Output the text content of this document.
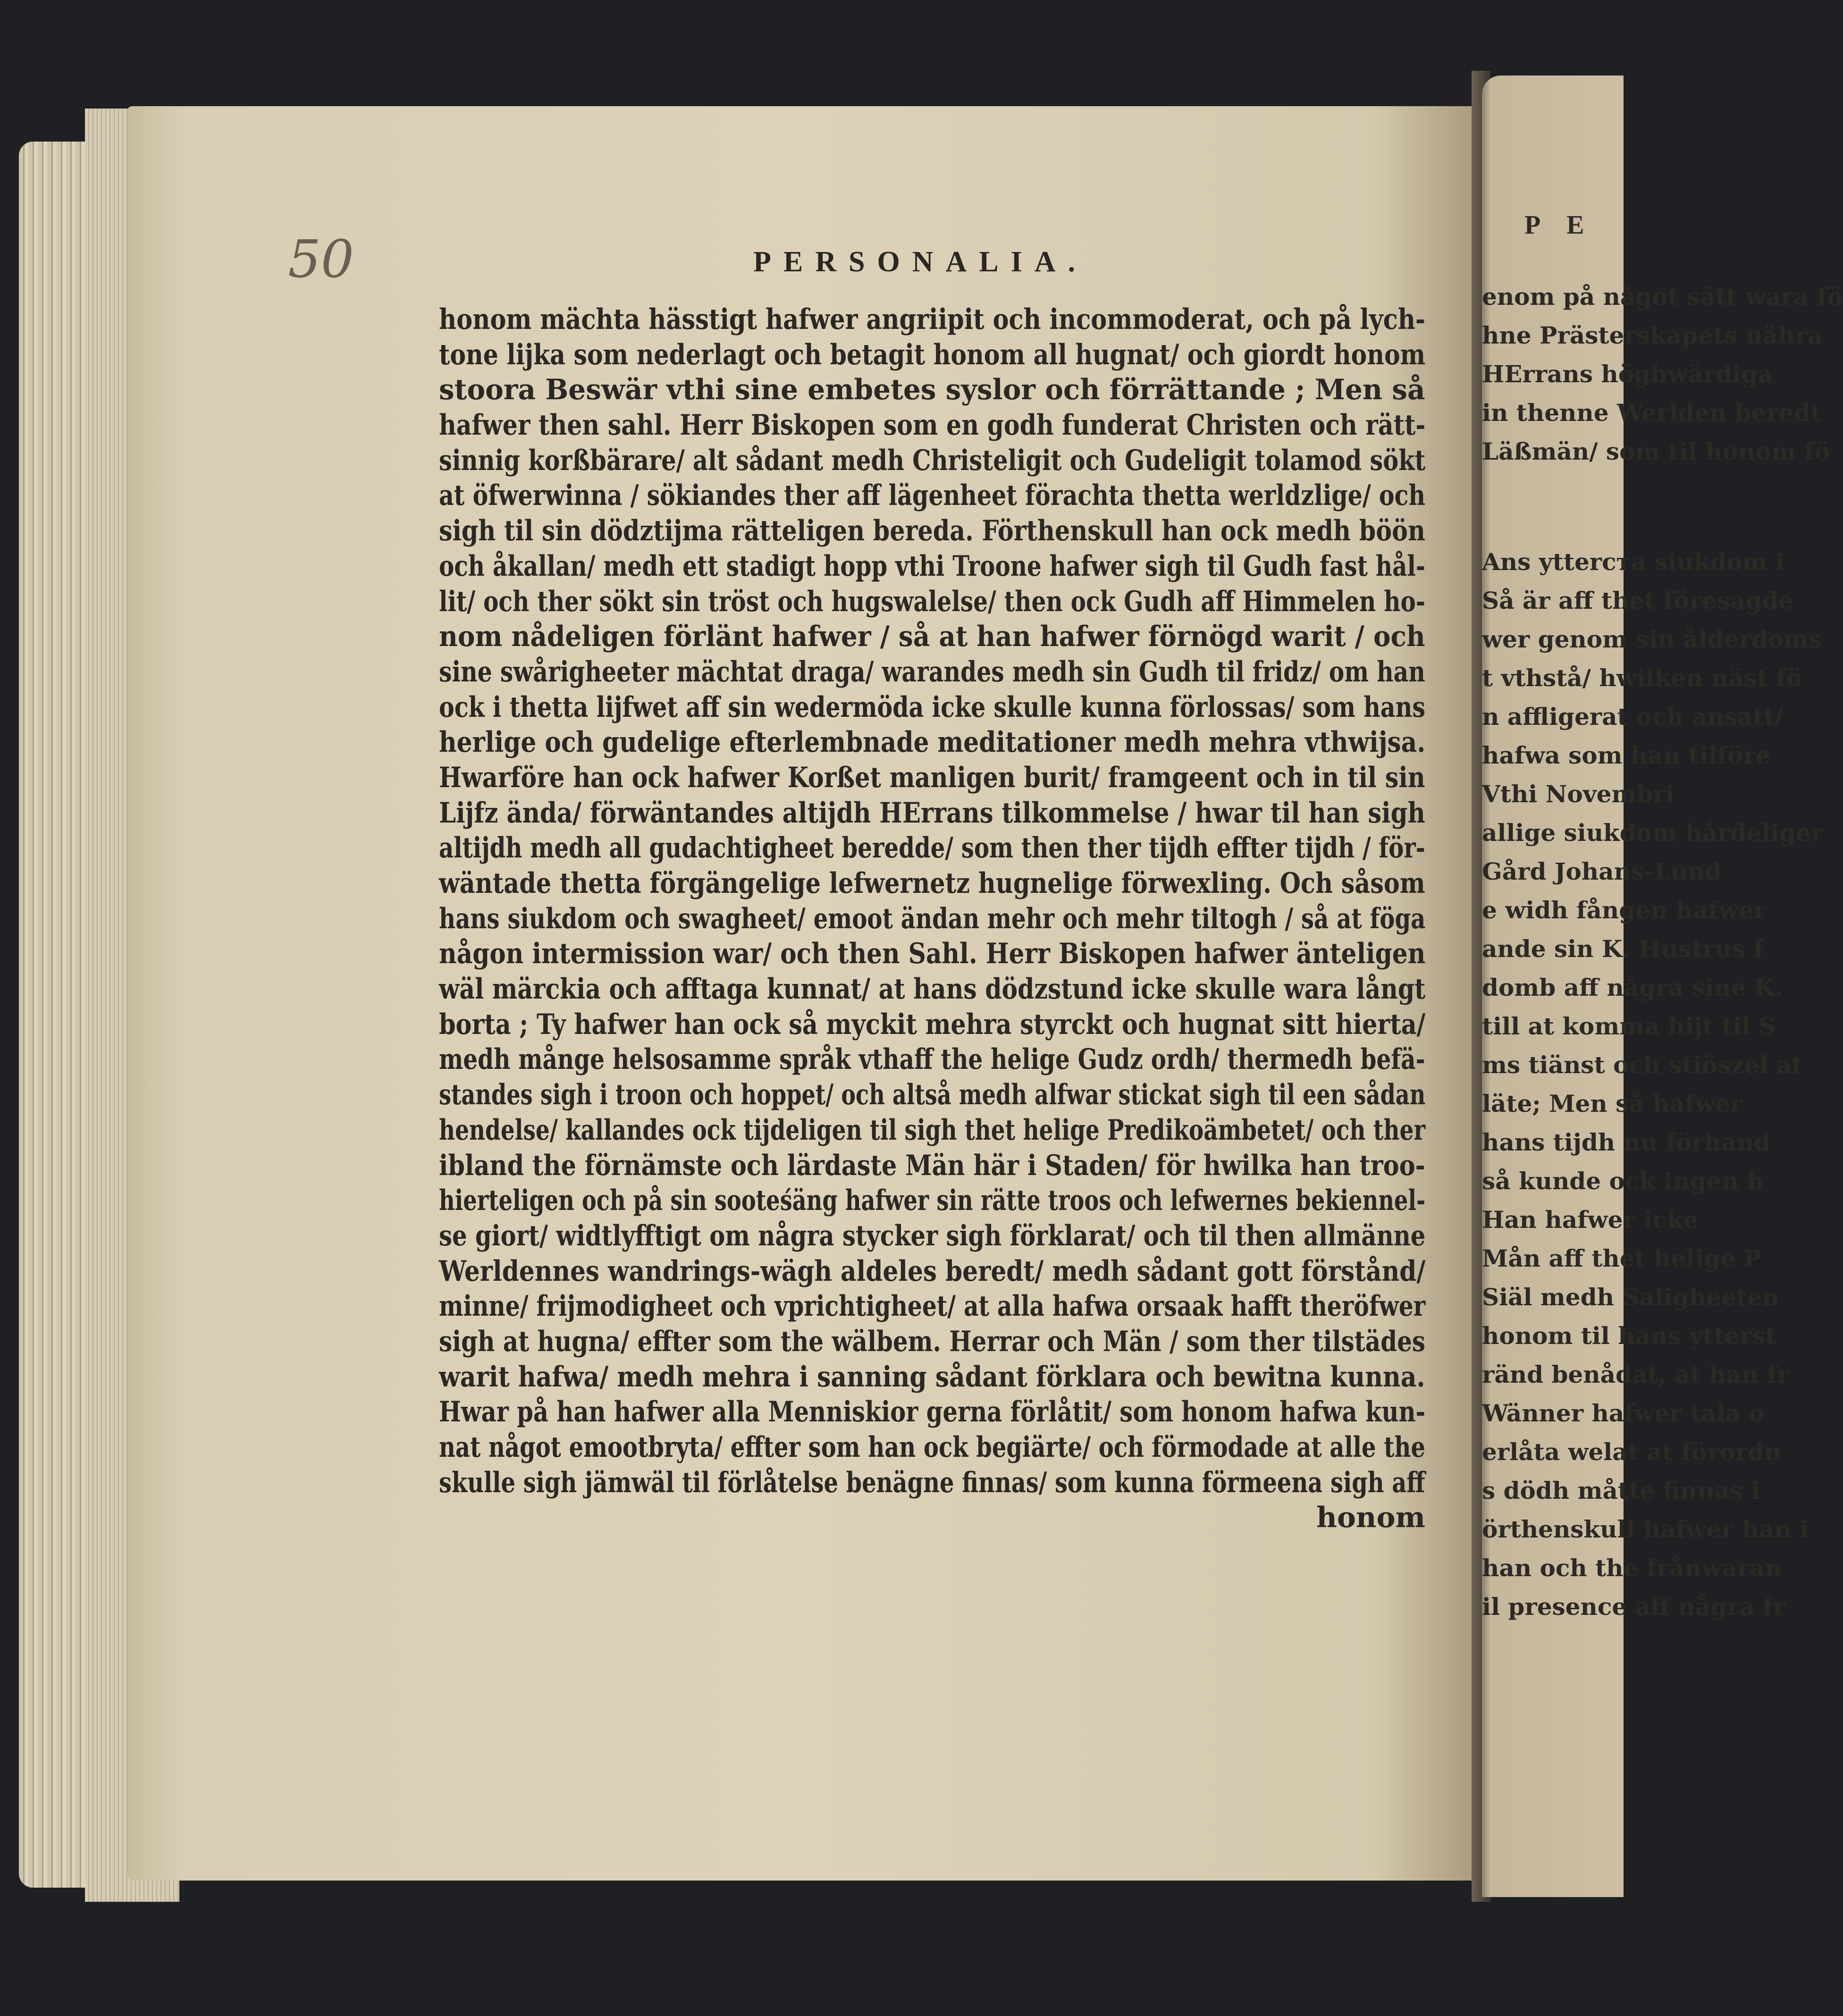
P E
enom på något sätt wara fö
hne Prästerskapets nähra
HErrans höghwärdiga
in thenne Werlden beredt
Läßmän/ som til honom fö
Ans ytterста siukdom i
Så är aff thet föresagde
wer genom sin ålderdoms
t vthstå/ hwilken näst fö
n affligerat och ansatt/
hafwa som han tilföre
Vthi Novembri
allige siukdom hårdeliger
Gård Johans-Lund
e widh fången hafwer
ande sin K. Hustrus f
domb aff några sine K.
till at komma hijt til S
ms tiänst och stiöszel at
läte; Men så hafwer
hans tijdh nu förhand
så kunde ock ingen h
Han hafwer icke
Mån aff thet helige P
Siäl medh Saligheeten
honom til hans ytterst
ränd benådat, at han fr
Wänner hafwer tala o
erlåta welat at förordn
s dödh måtte finnas i
örthenskull hafwer han i
han och the frånwaran
il presence aff några fr
50	PERSONALIA.
honom mächta hässtigt hafwer angriipit och incommoderat, och på lych-
tone lijka som nederlagt och betagit honom all hugnat/ och giordt honom
stoora Beswär vthi sine embetes syslor och förrättande ; Men så
hafwer then sahl. Herr Biskopen som en godh funderat Christen och rätt-
sinnig korßbärare/ alt sådant medh Christeligit och Gudeligit tolamod sökt
at öfwerwinna / sökiandes ther aff lägenheet förachta thetta werldzlige/ och
sigh til sin dödztijma rätteligen bereda. Förthenskull han ock medh böön
och åkallan/ medh ett stadigt hopp vthi Troone hafwer sigh til Gudh fast hål-
lit/ och ther sökt sin tröst och hugswalelse/ then ock Gudh aff Himmelen ho-
nom nådeligen förlänt hafwer / så at han hafwer förnögd warit / och
sine swårigheeter mächtat draga/ warandes medh sin Gudh til fridz/ om han
ock i thetta lijfwet aff sin wedermöda icke skulle kunna förlossas/ som hans
herlige och gudelige efterlembnade meditationer medh mehra vthwijsa.
Hwarföre han ock hafwer Korßet manligen burit/ framgeent och in til sin
Lijfz ända/ förwäntandes altijdh HErrans tilkommelse / hwar til han sigh
altijdh medh all gudachtigheet beredde/ som then ther tijdh effter tijdh / för-
wäntade thetta förgängelige lefwernetz hugnelige förwexling. Och såsom
hans siukdom och swagheet/ emoot ändan mehr och mehr tiltogh / så at föga
någon intermission war/ och then Sahl. Herr Biskopen hafwer änteligen
wäl märckia och afftaga kunnat/ at hans dödzstund icke skulle wara långt
borta ; Ty hafwer han ock så myckit mehra styrckt och hugnat sitt hierta/
medh månge helsosamme språk vthaff the helige Gudz ordh/ thermedh befä-
standes sigh i troon och hoppet/ och altså medh alfwar stickat sigh til een sådan
hendelse/ kallandes ock tijdeligen til sigh thet helige Predikoämbetet/ och ther
ibland the förnämste och lärdaste Män här i Staden/ för hwilka han troo-
hierteligen och på sin sooteśäng hafwer sin rätte troos och lefwernes bekiennel-
se giort/ widtlyfftigt om några stycker sigh förklarat/ och til then allmänne
Werldennes wandrings-wägh aldeles beredt/ medh sådant gott förstånd/
minne/ frijmodigheet och vprichtigheet/ at alla hafwa orsaak hafft theröfwer
sigh at hugna/ effter som the wälbem. Herrar och Män / som ther tilstädes
warit hafwa/ medh mehra i sanning sådant förklara och bewitna kunna.
Hwar på han hafwer alla Menniskior gerna förlåtit/ som honom hafwa kun-
nat något emootbryta/ effter som han ock begiärte/ och förmodade at alle the
skulle sigh jämwäl til förlåtelse benägne finnas/ som kunna förmeena sigh aff
honom
